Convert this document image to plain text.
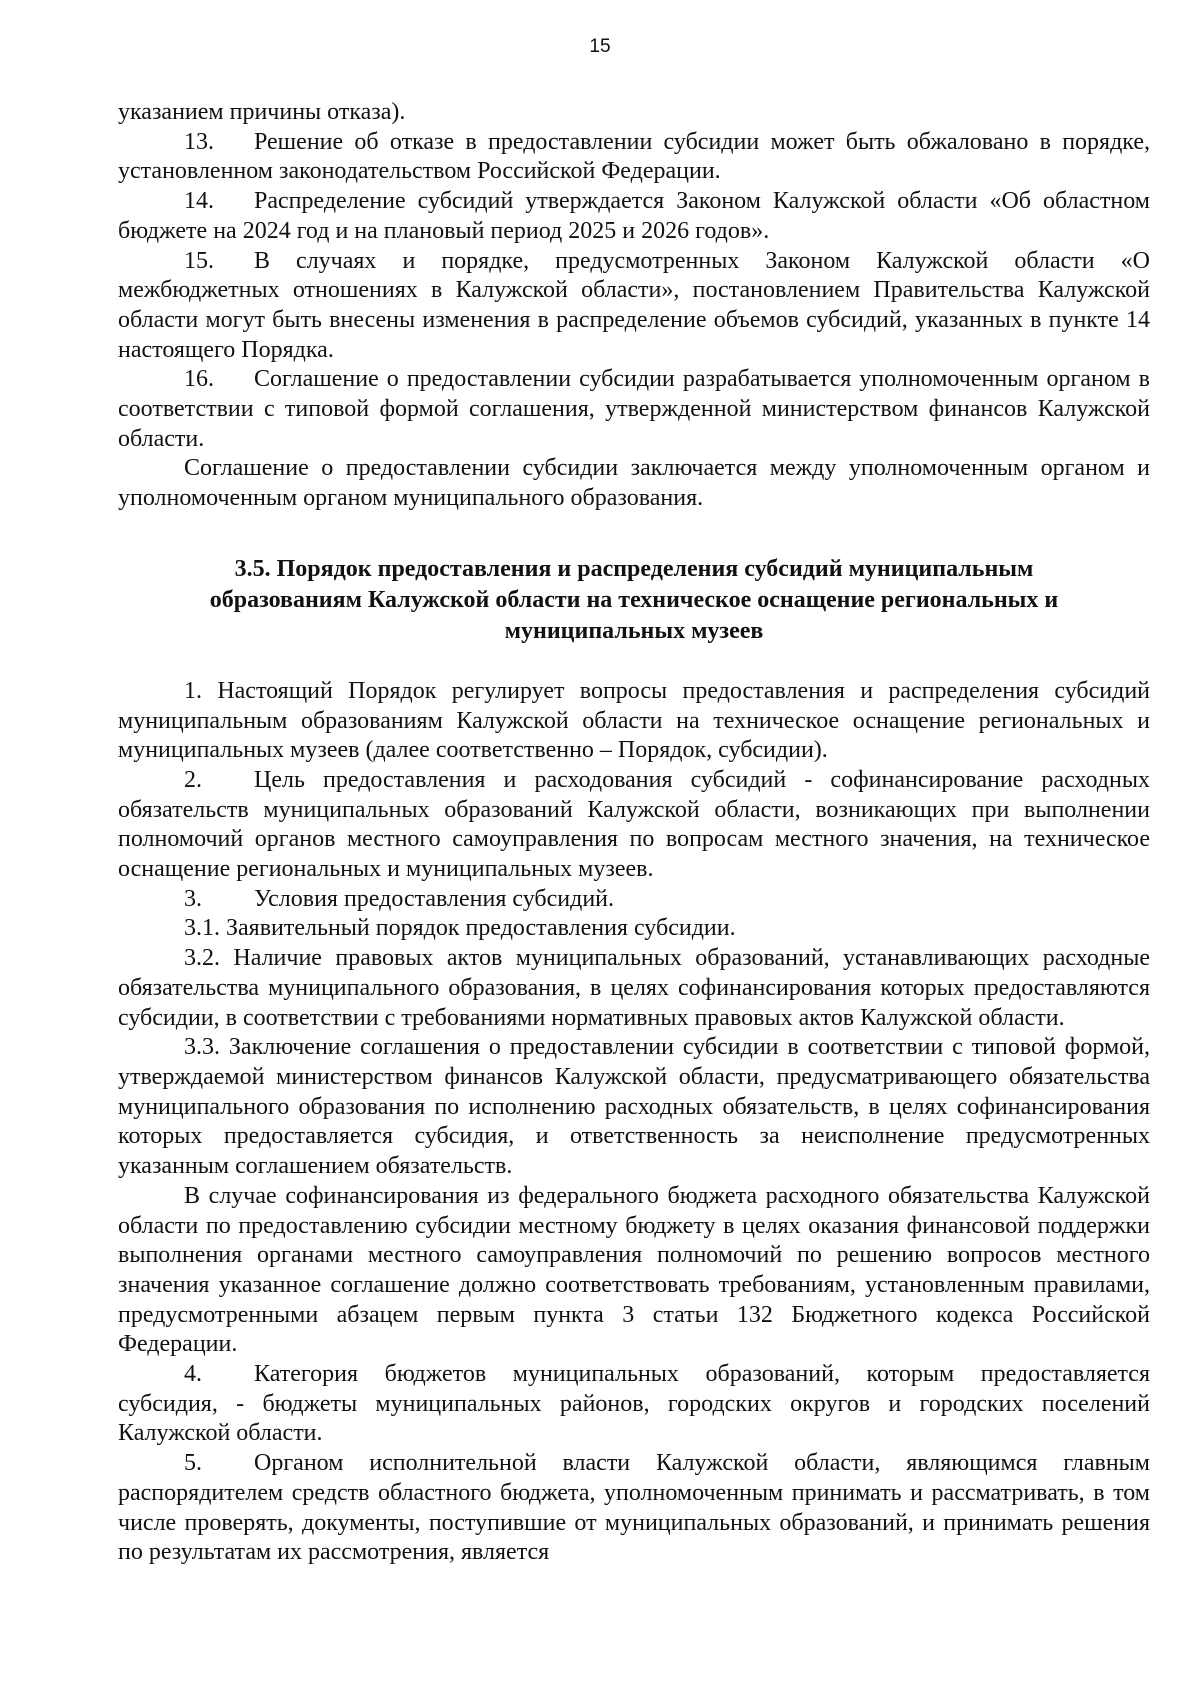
15

указанием причины отказа).

13. Решение об отказе в предоставлении субсидии может быть обжаловано в порядке, установленном законодательством Российской Федерации.

14. Распределение субсидий утверждается Законом Калужской области «Об областном бюджете на 2024 год и на плановый период 2025 и 2026 годов».

15. В случаях и порядке, предусмотренных Законом Калужской области «О межбюджетных отношениях в Калужской области», постановлением Правительства Калужской области могут быть внесены изменения в распределение объемов субсидий, указанных в пункте 14 настоящего Порядка.

16. Соглашение о предоставлении субсидии разрабатывается уполномоченным органом в соответствии с типовой формой соглашения, утвержденной министерством финансов Калужской области.

Соглашение о предоставлении субсидии заключается между уполномоченным органом и уполномоченным органом муниципального образования.

3.5. Порядок предоставления и распределения субсидий муниципальным образованиям Калужской области на техническое оснащение региональных и муниципальных музеев

1. Настоящий Порядок регулирует вопросы предоставления и распределения субсидий муниципальным образованиям Калужской области на техническое оснащение региональных и муниципальных музеев (далее соответственно – Порядок, субсидии).

2. Цель предоставления и расходования субсидий - софинансирование расходных обязательств муниципальных образований Калужской области, возникающих при выполнении полномочий органов местного самоуправления по вопросам местного значения, на техническое оснащение региональных и муниципальных музеев.

3. Условия предоставления субсидий.

3.1. Заявительный порядок предоставления субсидии.

3.2. Наличие правовых актов муниципальных образований, устанавливающих расходные обязательства муниципального образования, в целях софинансирования которых предоставляются субсидии, в соответствии с требованиями нормативных правовых актов Калужской области.

3.3. Заключение соглашения о предоставлении субсидии в соответствии с типовой формой, утверждаемой министерством финансов Калужской области, предусматривающего обязательства муниципального образования по исполнению расходных обязательств, в целях софинансирования которых предоставляется субсидия, и ответственность за неисполнение предусмотренных указанным соглашением обязательств.

В случае софинансирования из федерального бюджета расходного обязательства Калужской области по предоставлению субсидии местному бюджету в целях оказания финансовой поддержки выполнения органами местного самоуправления полномочий по решению вопросов местного значения указанное соглашение должно соответствовать требованиям, установленным правилами, предусмотренными абзацем первым пункта 3 статьи 132 Бюджетного кодекса Российской Федерации.

4. Категория бюджетов муниципальных образований, которым предоставляется субсидия, - бюджеты муниципальных районов, городских округов и городских поселений Калужской области.

5. Органом исполнительной власти Калужской области, являющимся главным распорядителем средств областного бюджета, уполномоченным принимать и рассматривать, в том числе проверять, документы, поступившие от муниципальных образований, и принимать решения по результатам их рассмотрения, является
